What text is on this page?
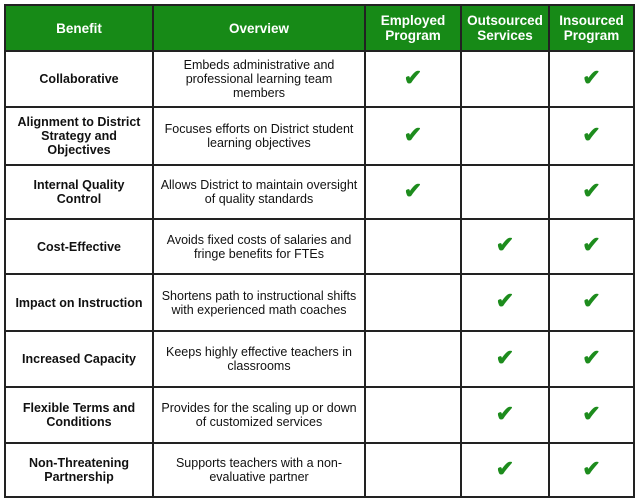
Benefit	Overview	Employed Program	Outsourced Services	Insourced Program
Collaborative	Embeds administrative and professional learning team members	✔		✔
Alignment to District Strategy and Objectives	Focuses efforts on District student learning objectives	✔		✔
Internal Quality Control	Allows District to maintain oversight of quality standards	✔		✔
Cost-Effective	Avoids fixed costs of salaries and fringe benefits for FTEs		✔	✔
Impact on Instruction	Shortens path to instructional shifts with experienced math coaches		✔	✔
Increased Capacity	Keeps highly effective teachers in classrooms		✔	✔
Flexible Terms and Conditions	Provides for the scaling up or down of customized services		✔	✔
Non-Threatening Partnership	Supports teachers with a non-evaluative partner		✔	✔
